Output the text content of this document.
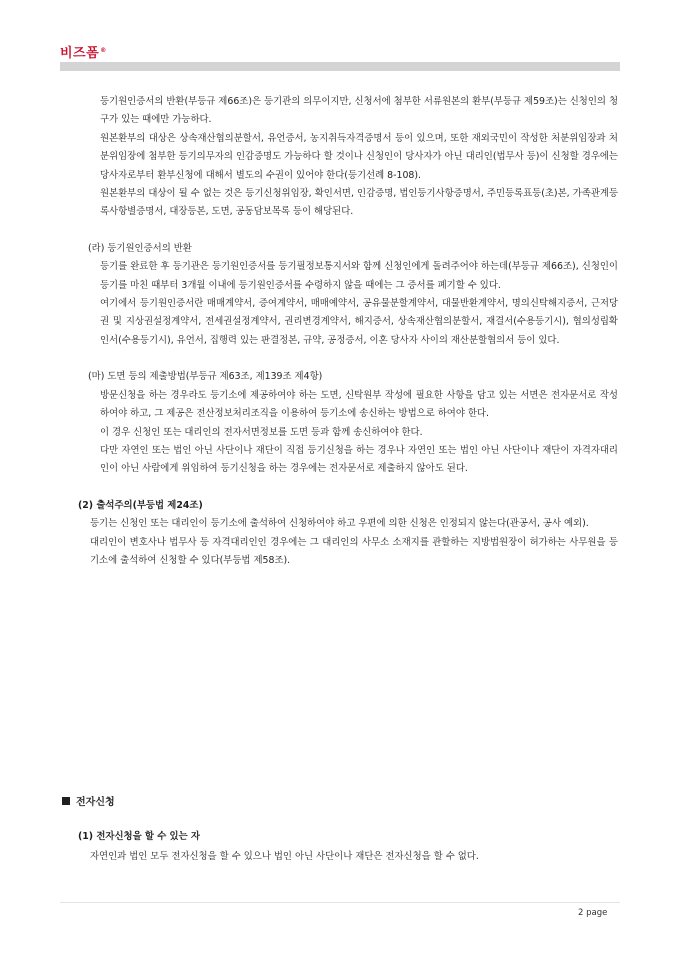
비즈폼®

등기원인증서의 반환(부등규 제66조)은 등기관의 의무이지만, 신청서에 첨부한 서류원본의 환부(부등규 제59조)는 신청인의 청구가 있는 때에만 가능하다.

원본환부의 대상은 상속재산협의분할서, 유언증서, 농지취득자격증명서 등이 있으며, 또한 재외국민이 작성한 처분위임장과 처분위임장에 첨부한 등기의무자의 인감증명도 가능하다 할 것이나 신청인이 당사자가 아닌 대리인(법무사 등)이 신청할 경우에는 당사자로부터 환부신청에 대해서 별도의 수권이 있어야 한다(등기선례 8-108).

원본환부의 대상이 될 수 없는 것은 등기신청위임장, 확인서면, 인감증명, 법인등기사항증명서, 주민등록표등(초)본, 가족관계등록사항별증명서, 대장등본, 도면, 공동담보목록 등이 해당된다.

(라) 등기원인증서의 반환

등기를 완료한 후 등기관은 등기원인증서를 등기필정보통지서와 함께 신청인에게 돌려주어야 하는데(부등규 제66조), 신청인이 등기를 마친 때부터 3개월 이내에 등기원인증서를 수령하지 않을 때에는 그 증서를 폐기할 수 있다.

여기에서 등기원인증서란 매매계약서, 증여계약서, 매매예약서, 공유물분할계약서, 대물반환계약서, 명의신탁해지증서, 근저당권 및 지상권설정계약서, 전세권설정계약서, 권리변경계약서, 해지증서, 상속재산협의분할서, 재결서(수용등기시), 협의성립확인서(수용등기시), 유언서, 집행력 있는 판결정본, 규약, 공정증서, 이혼 당사자 사이의 재산분할협의서 등이 있다.

(마) 도면 등의 제출방법(부등규 제63조, 제139조 제4항)

방문신청을 하는 경우라도 등기소에 제공하여야 하는 도면, 신탁원부 작성에 필요한 사항을 담고 있는 서면은 전자문서로 작성하여야 하고, 그 제공은 전산정보처리조직을 이용하여 등기소에 송신하는 방법으로 하여야 한다.

이 경우 신청인 또는 대리인의 전자서면정보를 도면 등과 함께 송신하여야 한다.

다만 자연인 또는 법인 아닌 사단이나 재단이 직접 등기신청을 하는 경우나 자연인 또는 법인 아닌 사단이나 재단이 자격자대리인이 아닌 사람에게 위임하여 등기신청을 하는 경우에는 전자문서로 제출하지 않아도 된다.

(2) 출석주의(부등법 제24조)

등기는 신청인 또는 대리인이 등기소에 출석하여 신청하여야 하고 우편에 의한 신청은 인정되지 않는다(관공서, 공사 예외).

대리인이 변호사나 법무사 등 자격대리인인 경우에는 그 대리인의 사무소 소재지를 관할하는 지방법원장이 허가하는 사무원을 등기소에 출석하여 신청할 수 있다(부등법 제58조).

전자신청

(1) 전자신청을 할 수 있는 자

자연인과 법인 모두 전자신청을 할 수 있으나 법인 아닌 사단이나 재단은 전자신청을 할 수 없다.

2 page
